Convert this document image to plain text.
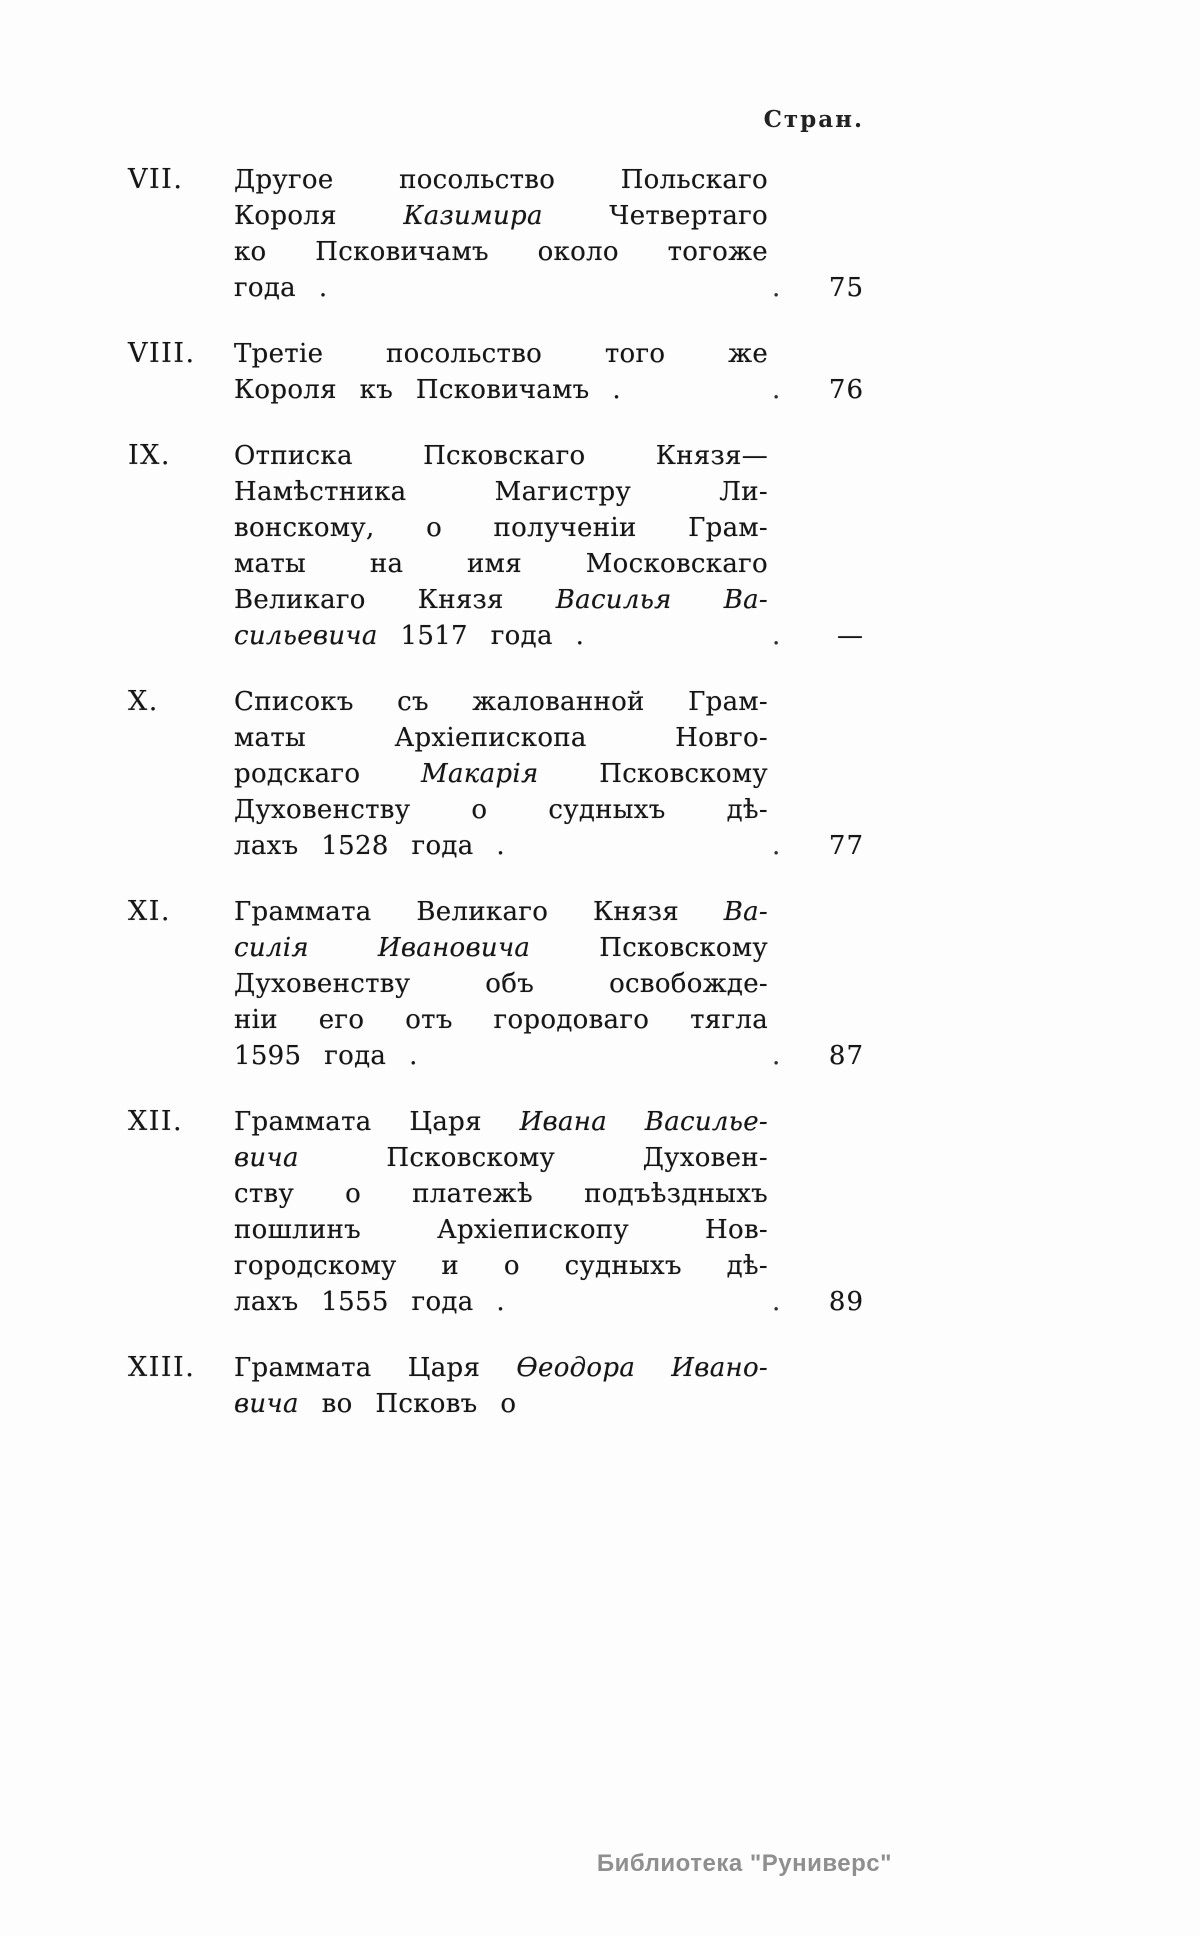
Стран.
VII.	Другое посольство Польскаго
Короля Казимира Четвертаго
ко Псковичамъ около тогоже
года .	. 75
VIII.	Третіе посольство того же
Короля къ Псковичамъ .	. 76
IX.	Отписка Псковскаго Князя—
Намѣстника Магистру Ли-
вонскому, о полученіи Грам-
маты на имя Московскаго
Великаго Князя Василья Ва-
сильевича 1517 года .	. —
X.	Списокъ съ жалованной Грам-
маты Архіепископа Новго-
родскаго Макарія Псковскому
Духовенству о судныхъ дѣ-
лахъ 1528 года .	. 77
XI.	Граммата Великаго Князя Ва-
силія Ивановича Псковскому
Духовенству объ освобожде-
ніи его отъ городоваго тягла
1595 года .	. 87
XII.	Граммата Царя Ивана Василье-
вича Псковскому Духовен-
ству о платежѣ подъѣздныхъ
пошлинъ Архіепископу Нов-
городскому и о судныхъ дѣ-
лахъ 1555 года .	. 89
XIII.	Граммата Царя Ѳеодора Ивано-
вича во Псковъ о
Библиотека "Руниверс"
